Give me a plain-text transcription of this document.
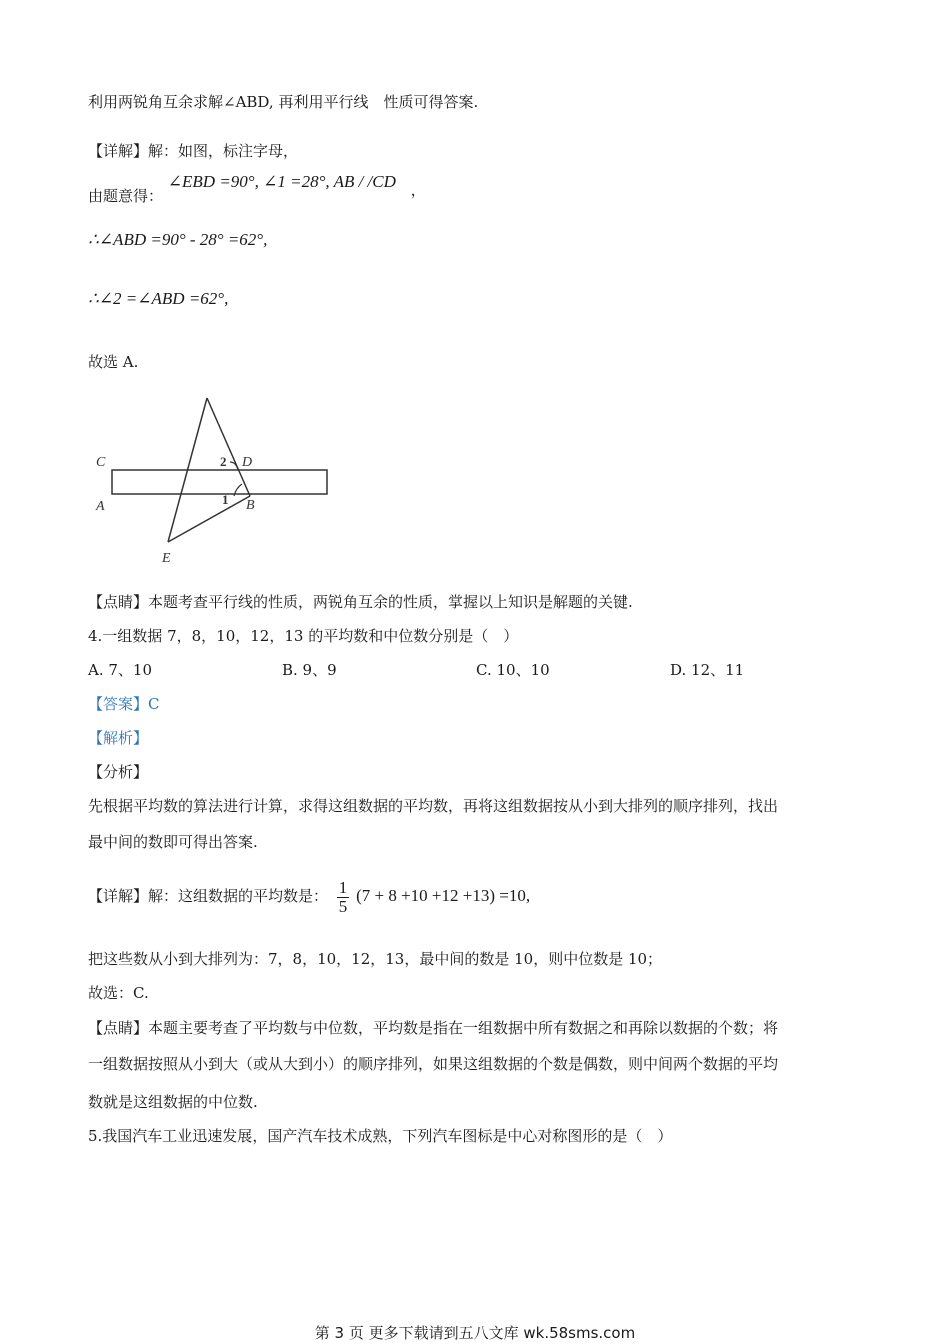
利用两锐角互余求解∠ABD, 再利用平行线　性质可得答案.
【详解】解：如图，标注字母，
由题意得： ∠EBD =90°, ∠1 =28°, AB / /CD ，
∴∠ABD =90° - 28° =62°,
∴∠2 =∠ABD =62°,
故选 A.
C	D
A	B
E
1
2
【点睛】本题考查平行线的性质，两锐角互余的性质，掌握以上知识是解题的关键.
4.一组数据 7，8，10，12，13 的平均数和中位数分别是（　）
A. 7、10	B. 9、9	C. 10、10	D. 12、11
【答案】C
【解析】
【分析】
先根据平均数的算法进行计算，求得这组数据的平均数，再将这组数据按从小到大排列的顺序排列，找出
最中间的数即可得出答案.
【详解】解：这组数据的平均数是： $\frac{1}{5} (7 + 8 +10 +12 +13) =10$,
把这些数从小到大排列为：7，8，10，12，13，最中间的数是 10，则中位数是 10；
故选：C.
【点睛】本题主要考查了平均数与中位数，平均数是指在一组数据中所有数据之和再除以数据的个数；将
一组数据按照从小到大（或从大到小）的顺序排列，如果这组数据的个数是偶数，则中间两个数据的平均
数就是这组数据的中位数.
5.我国汽车工业迅速发展，国产汽车技术成熟，下列汽车图标是中心对称图形的是（　）
第 3 页 更多下载请到五八文库 wk.58sms.com
